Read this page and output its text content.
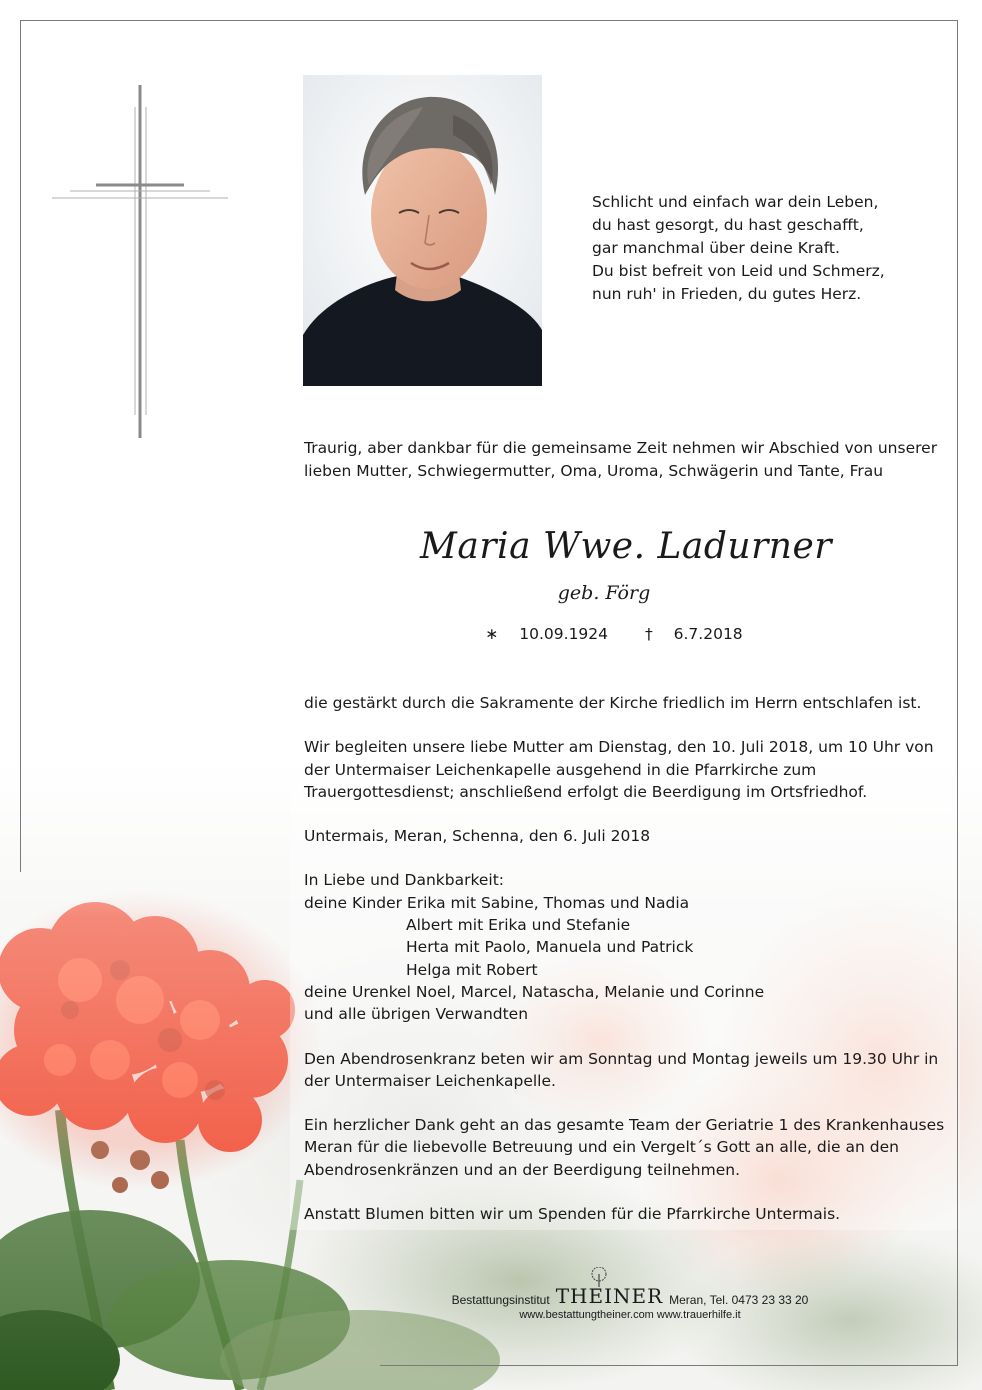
Schlicht und einfach war dein Leben,
du hast gesorgt, du hast geschafft,
gar manchmal über deine Kraft.
Du bist befreit von Leid und Schmerz,
nun ruh' in Frieden, du gutes Herz.
Traurig, aber dankbar für die gemeinsame Zeit nehmen wir Abschied von unserer
lieben Mutter, Schwiegermutter, Oma, Uroma, Schwägerin und Tante, Frau
Maria Wwe. Ladurner
geb. Förg
∗ 10.09.1924 † 6.7.2018
die gestärkt durch die Sakramente der Kirche friedlich im Herrn entschlafen ist.
Wir begleiten unsere liebe Mutter am Dienstag, den 10. Juli 2018, um 10 Uhr von
der Untermaiser Leichenkapelle ausgehend in die Pfarrkirche zum
Trauergottesdienst; anschließend erfolgt die Beerdigung im Ortsfriedhof.
Untermais, Meran, Schenna, den 6. Juli 2018
In Liebe und Dankbarkeit:
deine Kinder Erika mit Sabine, Thomas und Nadia
Albert mit Erika und Stefanie
Herta mit Paolo, Manuela und Patrick
Helga mit Robert
deine Urenkel Noel, Marcel, Natascha, Melanie und Corinne
und alle übrigen Verwandten
Den Abendrosenkranz beten wir am Sonntag und Montag jeweils um 19.30 Uhr in
der Untermaiser Leichenkapelle.
Ein herzlicher Dank geht an das gesamte Team der Geriatrie 1 des Krankenhauses
Meran für die liebevolle Betreuung und ein Vergelt´s Gott an alle, die an den
Abendrosenkränzen und an der Beerdigung teilnehmen.
Anstatt Blumen bitten wir um Spenden für die Pfarrkirche Untermais.
Bestattungsinstitut THEINER Meran, Tel. 0473 23 33 20
www.bestattungtheiner.com www.trauerhilfe.it
